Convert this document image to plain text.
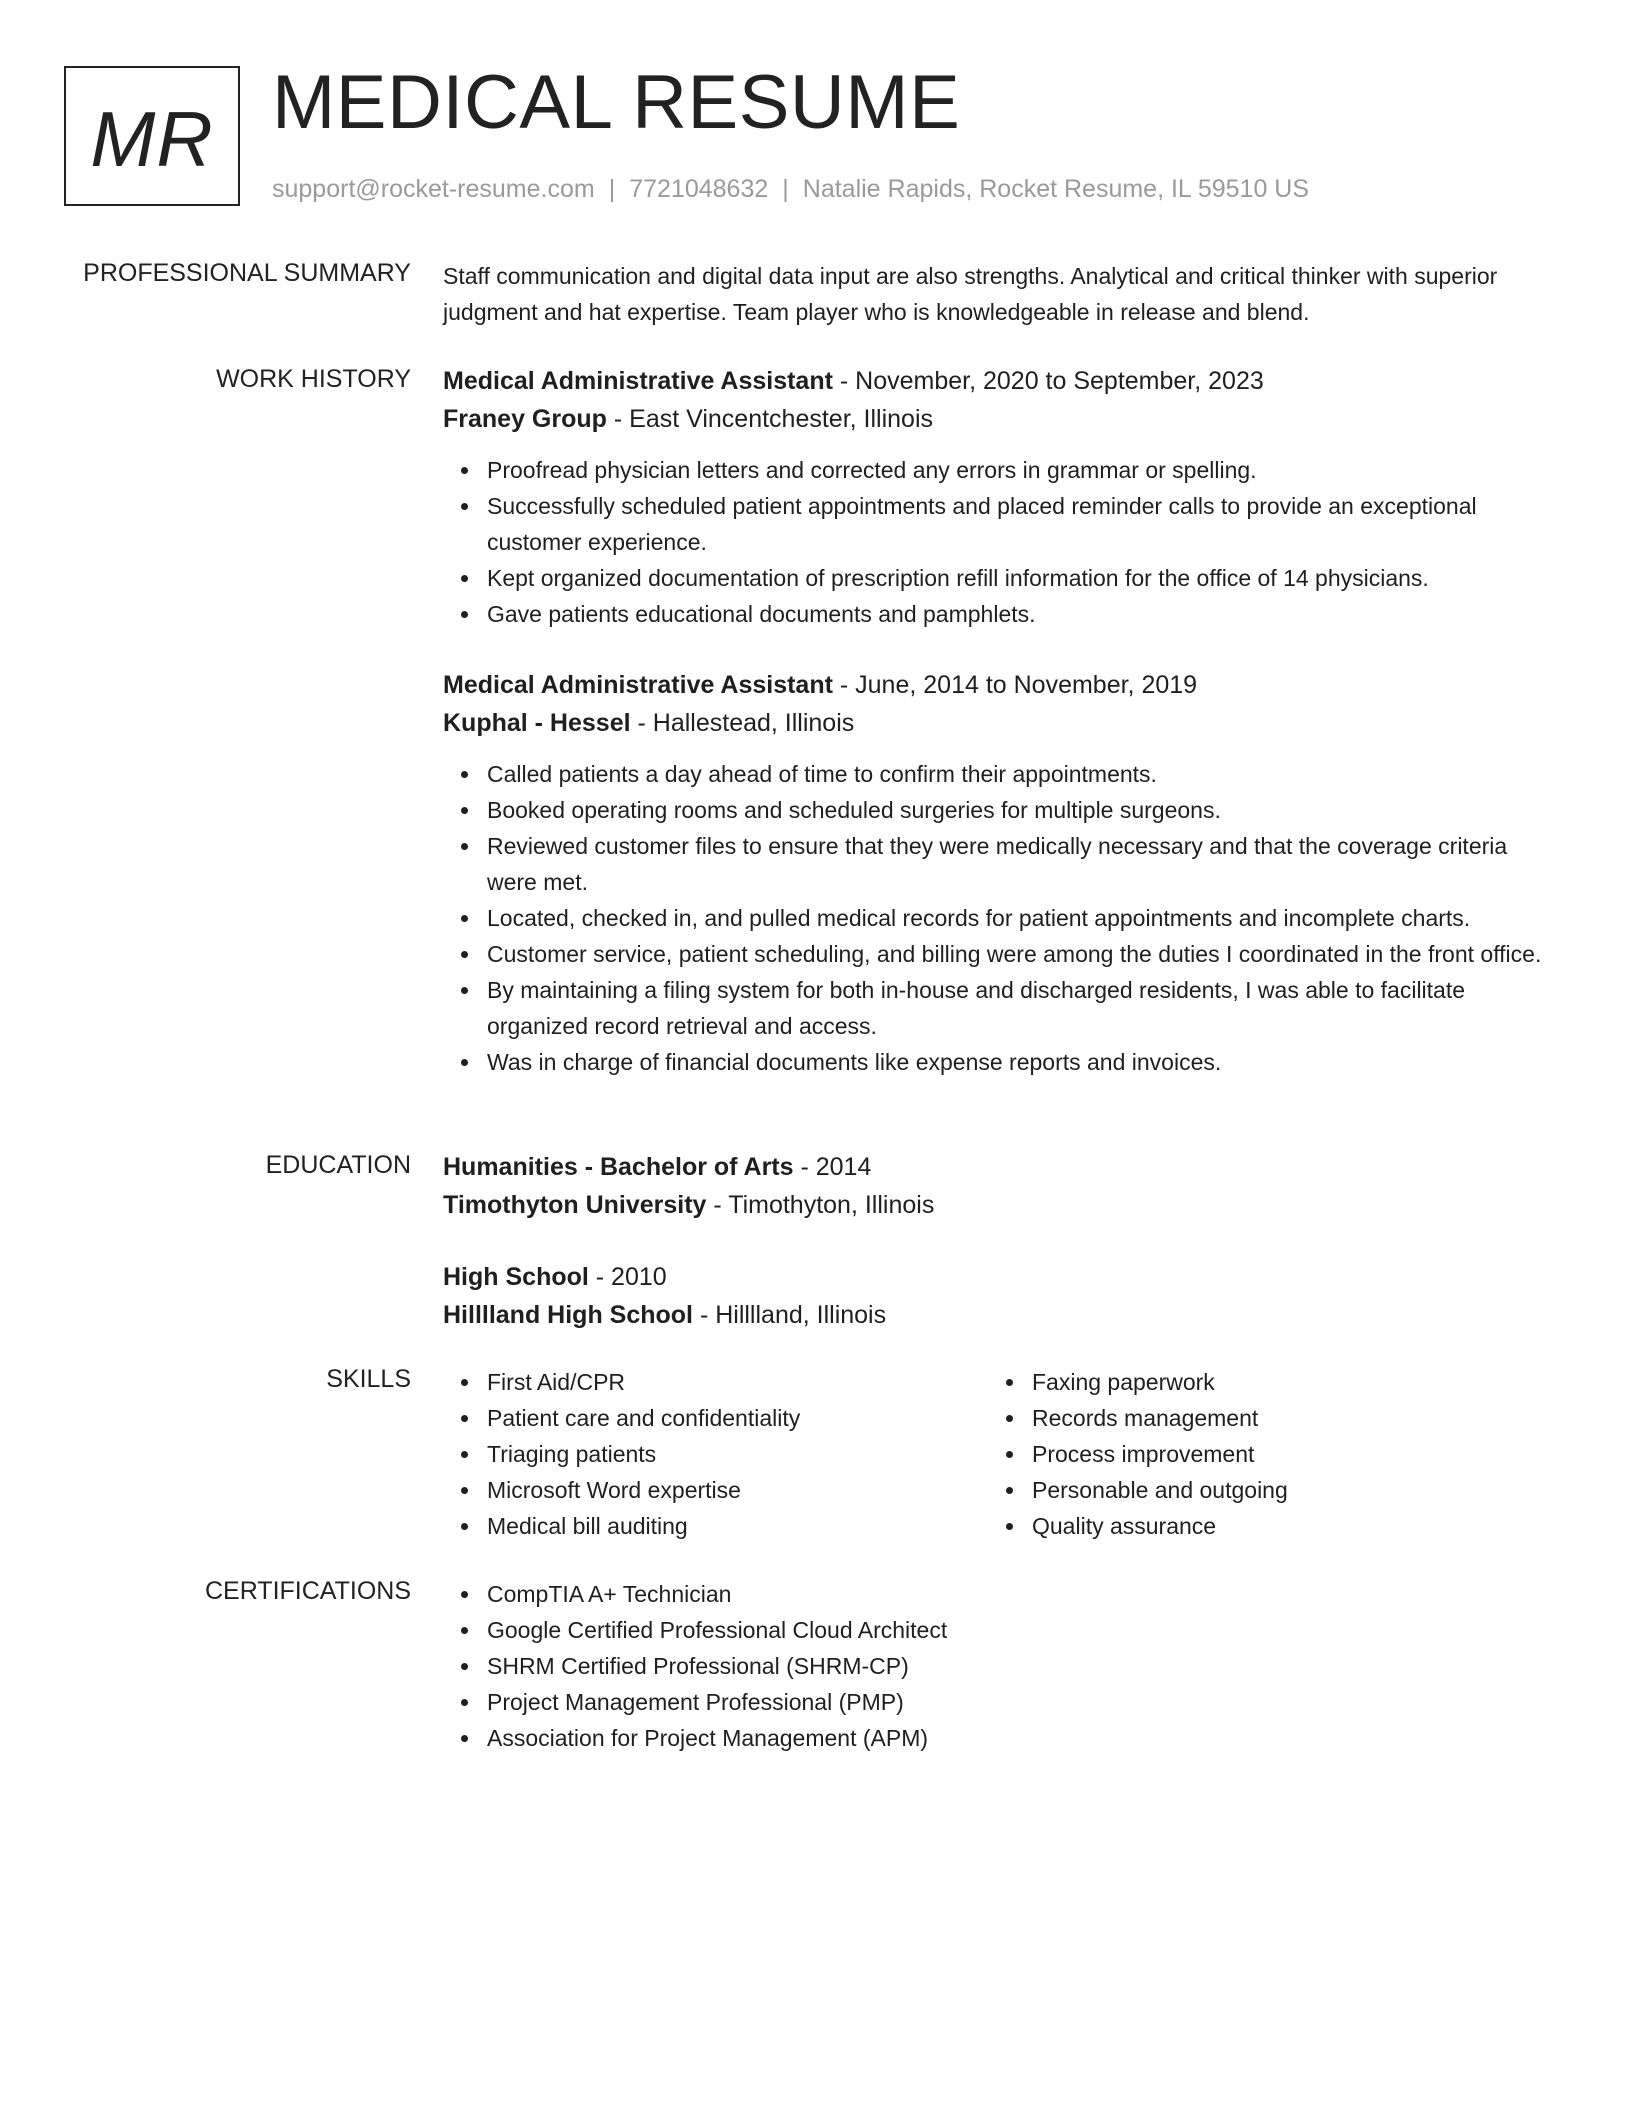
MR MEDICAL RESUME
support@rocket-resume.com | 7721048632 | Natalie Rapids, Rocket Resume, IL 59510 US
PROFESSIONAL SUMMARY Staff communication and digital data input are also strengths. Analytical and critical thinker with superior judgment and hat expertise. Team player who is knowledgeable in release and blend.

WORK HISTORY Medical Administrative Assistant - November, 2020 to September, 2023
Franey Group - East Vincentchester, Illinois
Proofread physician letters and corrected any errors in grammar or spelling.
Successfully scheduled patient appointments and placed reminder calls to provide an exceptional customer experience.
Kept organized documentation of prescription refill information for the office of 14 physicians.
Gave patients educational documents and pamphlets.
Medical Administrative Assistant - June, 2014 to November, 2019
Kuphal - Hessel - Hallestead, Illinois
Called patients a day ahead of time to confirm their appointments.
Booked operating rooms and scheduled surgeries for multiple surgeons.
Reviewed customer files to ensure that they were medically necessary and that the coverage criteria were met.
Located, checked in, and pulled medical records for patient appointments and incomplete charts.
Customer service, patient scheduling, and billing were among the duties I coordinated in the front office.
By maintaining a filing system for both in-house and discharged residents, I was able to facilitate organized record retrieval and access.
Was in charge of financial documents like expense reports and invoices.
EDUCATION Humanities - Bachelor of Arts - 2014
Timothyton University - Timothyton, Illinois
High School - 2010
Hilllland High School - Hilllland, Illinois
SKILLS	First Aid/CPR
Patient care and confidentiality
Triaging patients
Microsoft Word expertise
Medical bill auditing
Faxing paperwork
Records management
Process improvement
Personable and outgoing
Quality assurance
CERTIFICATIONS	CompTIA A+ Technician
Google Certified Professional Cloud Architect
SHRM Certified Professional (SHRM-CP)
Project Management Professional (PMP)
Association for Project Management (APM)
